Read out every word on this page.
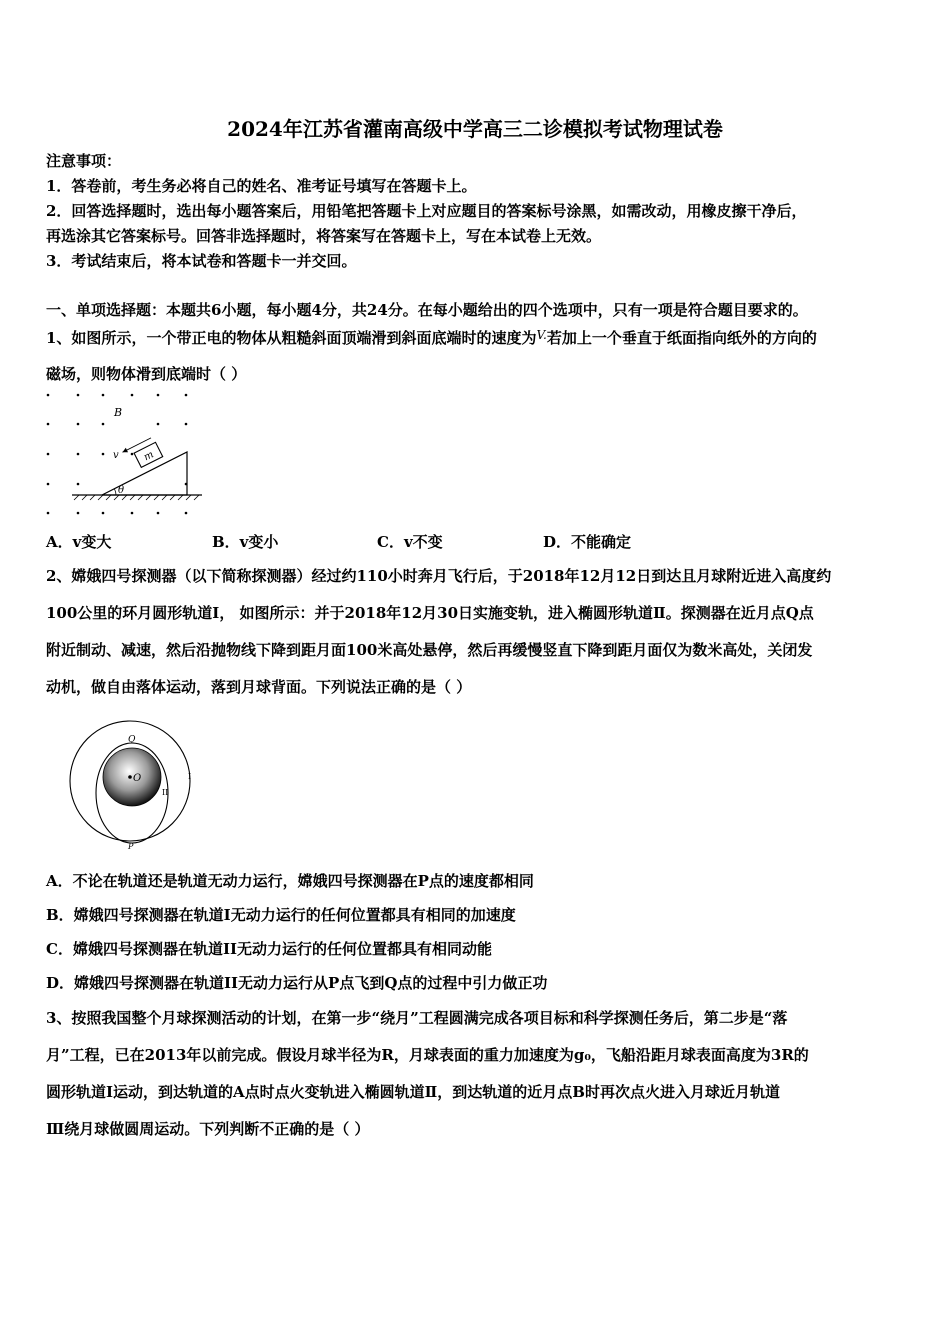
2024年江苏省灌南高级中学高三二诊模拟考试物理试卷
注意事项：
1．答卷前，考生务必将自己的姓名、准考证号填写在答题卡上。
2．回答选择题时，选出每小题答案后，用铅笔把答题卡上对应题目的答案标号涂黑，如需改动，用橡皮擦干净后，
再选涂其它答案标号。回答非选择题时，将答案写在答题卡上，写在本试卷上无效。
3．考试结束后，将本试卷和答题卡一并交回。
一、单项选择题：本题共6小题，每小题4分，共24分。在每小题给出的四个选项中，只有一项是符合题目要求的。
1、如图所示，一个带正电的物体从粗糙斜面顶端滑到斜面底端时的速度为$^{V.}$若加上一个垂直于纸面指向纸外的方向的
磁场，则物体滑到底端时（ ）
B
m
v
θ
A．v变大	B．v变小	C．v不变	D．不能确定
2、嫦娥四号探测器（以下简称探测器）经过约110小时奔月飞行后，于2018年12月12日到达且月球附近进入高度约
100公里的环月圆形轨道Ⅰ， 如图所示：并于2018年12月30日实施变轨，进入椭圆形轨道Ⅱ。探测器在近月点Q点
附近制动、减速，然后沿抛物线下降到距月面100米高处悬停，然后再缓慢竖直下降到距月面仅为数米高处，关闭发
动机，做自由落体运动，落到月球背面。下列说法正确的是（ ）
O
Q
I
II
P
A．不论在轨道还是轨道无动力运行，嫦娥四号探测器在P点的速度都相同
B．嫦娥四号探测器在轨道I无动力运行的任何位置都具有相同的加速度
C．嫦娥四号探测器在轨道II无动力运行的任何位置都具有相同动能
D．嫦娥四号探测器在轨道II无动力运行从P点飞到Q点的过程中引力做正功
3、按照我国整个月球探测活动的计划，在第一步“绕月”工程圆满完成各项目标和科学探测任务后，第二步是“落
月”工程，已在2013年以前完成。假设月球半径为R，月球表面的重力加速度为g₀，飞船沿距月球表面高度为3R的
圆形轨道Ⅰ运动，到达轨道的A点时点火变轨进入椭圆轨道Ⅱ，到达轨道的近月点B时再次点火进入月球近月轨道
Ⅲ绕月球做圆周运动。下列判断不正确的是（ ）
